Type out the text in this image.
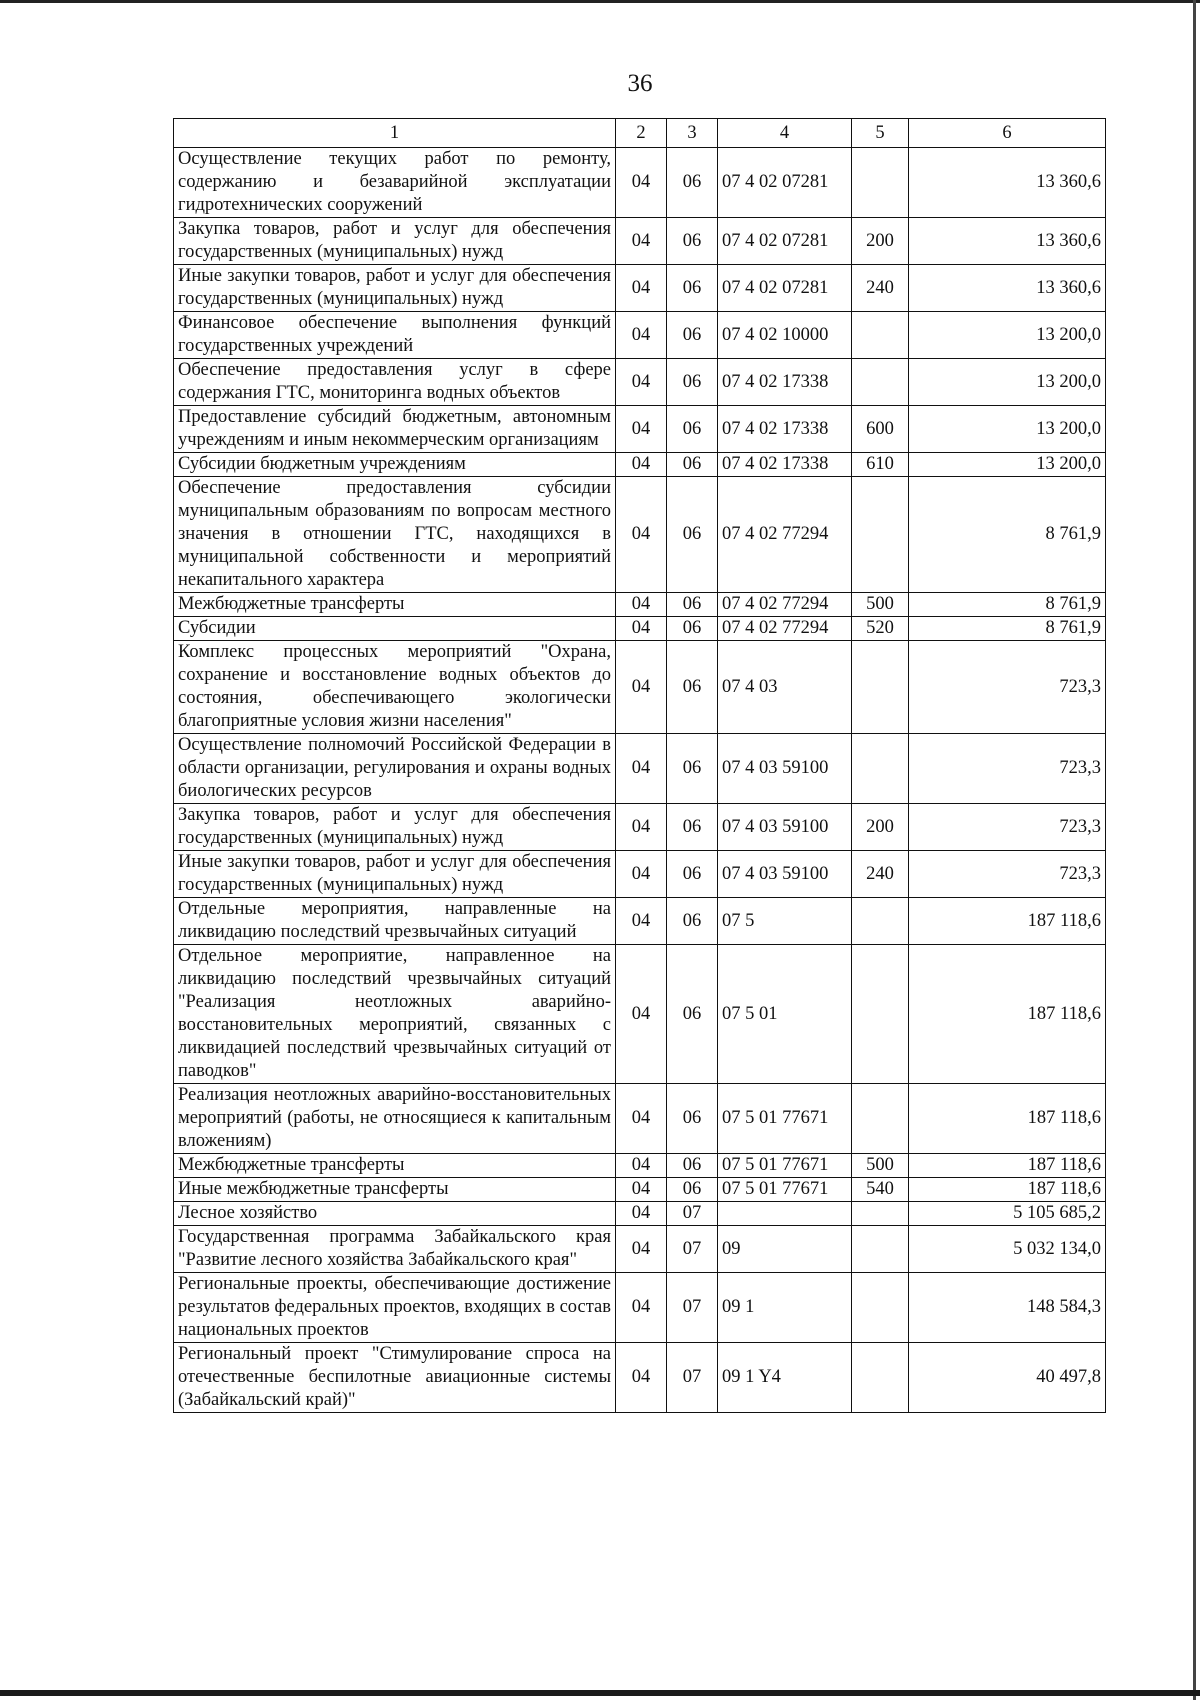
36
1	2	3	4	5	6
Осуществление текущих работ по ремонту, содержанию и безаварийной эксплуатации гидротехнических сооружений	04	06	07 4 02 07281		13 360,6
Закупка товаров, работ и услуг для обеспечения государственных (муниципальных) нужд	04	06	07 4 02 07281	200	13 360,6
Иные закупки товаров, работ и услуг для обеспечения государственных (муниципальных) нужд	04	06	07 4 02 07281	240	13 360,6
Финансовое обеспечение выполнения функций государственных учреждений	04	06	07 4 02 10000		13 200,0
Обеспечение предоставления услуг в сфере содержания ГТС, мониторинга водных объектов	04	06	07 4 02 17338		13 200,0
Предоставление субсидий бюджетным, автономным учреждениям и иным некоммерческим организациям	04	06	07 4 02 17338	600	13 200,0
Субсидии бюджетным учреждениям	04	06	07 4 02 17338	610	13 200,0
Обеспечение предоставления субсидии муниципальным образованиям по вопросам местного значения в отношении ГТС, находящихся в муниципальной собственности и мероприятий некапитального характера	04	06	07 4 02 77294		8 761,9
Межбюджетные трансферты	04	06	07 4 02 77294	500	8 761,9
Субсидии	04	06	07 4 02 77294	520	8 761,9
Комплекс процессных мероприятий "Охрана, сохранение и восстановление водных объектов до состояния, обеспечивающего экологически благоприятные условия жизни населения"	04	06	07 4 03		723,3
Осуществление полномочий Российской Федерации в области организации, регулирования и охраны водных биологических ресурсов	04	06	07 4 03 59100		723,3
Закупка товаров, работ и услуг для обеспечения государственных (муниципальных) нужд	04	06	07 4 03 59100	200	723,3
Иные закупки товаров, работ и услуг для обеспечения государственных (муниципальных) нужд	04	06	07 4 03 59100	240	723,3
Отдельные мероприятия, направленные на ликвидацию последствий чрезвычайных ситуаций	04	06	07 5		187 118,6
Отдельное мероприятие, направленное на ликвидацию последствий чрезвычайных ситуаций "Реализация неотложных аварийно-восстановительных мероприятий, связанных с ликвидацией последствий чрезвычайных ситуаций от паводков"	04	06	07 5 01		187 118,6
Реализация неотложных аварийно-восстановительных мероприятий (работы, не относящиеся к капитальным вложениям)	04	06	07 5 01 77671		187 118,6
Межбюджетные трансферты	04	06	07 5 01 77671	500	187 118,6
Иные межбюджетные трансферты	04	06	07 5 01 77671	540	187 118,6
Лесное хозяйство	04	07			5 105 685,2
Государственная программа Забайкальского края "Развитие лесного хозяйства Забайкальского края"	04	07	09		5 032 134,0
Региональные проекты, обеспечивающие достижение результатов федеральных проектов, входящих в состав национальных проектов	04	07	09 1		148 584,3
Региональный проект "Стимулирование спроса на отечественные беспилотные авиационные системы (Забайкальский край)"	04	07	09 1 Y4		40 497,8
